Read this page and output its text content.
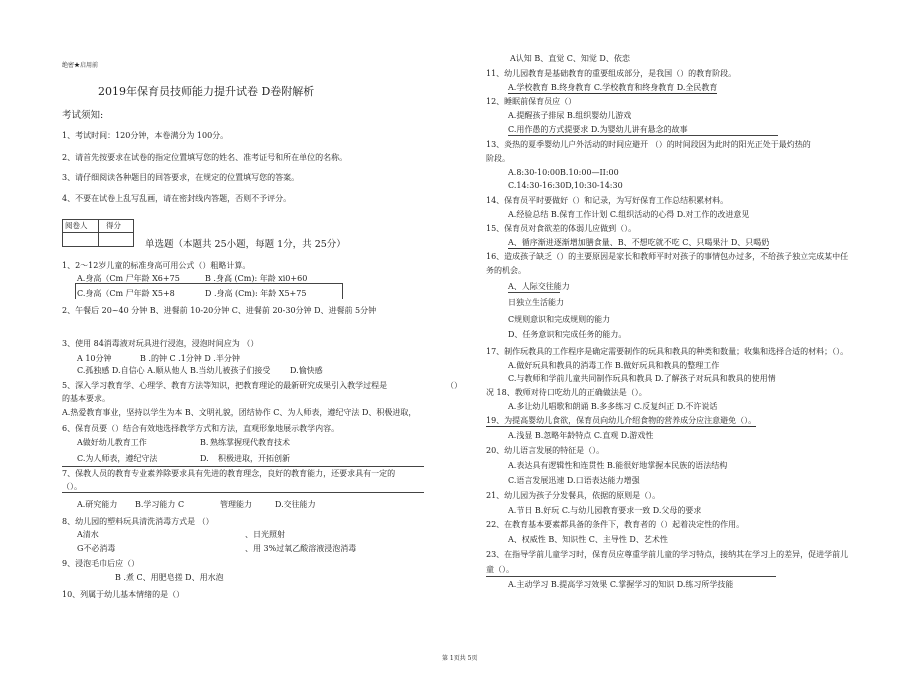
绝密★启用前
2019年保育员技师能力提升试卷 D卷附解析
考试须知:
1、考试时间：120分钟，本卷满分为 100分。
2、请首先按要求在试卷的指定位置填写您的姓名、准考证号和所在单位的名称。
3、请仔细阅读各种题目的回答要求，在规定的位置填写您的答案。
4、不要在试卷上乱写乱画，请在密封线内答题，否则不予评分。
阅卷人 得分
单选题（本题共 25小题，每题 1分，共 25分）
1、2～12岁儿童的标准身高可用公式（）粗略计算。
A.身高（Cm 尸年龄 X6+75	B .身高 (Cm): 年龄 xi0+60
C.身高（Cm 尸年龄 X5+8	D .身高 (Cm): 年龄 X5+75
2、午餐后 20~40 分钟 B、进餐前 10-20分钟 C、进餐前 20-30分钟 D、进餐前 5分钟
3、使用 84消毒液对玩具进行浸泡，浸泡时间应为 （）
A 10分钟	B .的钟 C .1分钟 D .半分钟
C.孤独感 D.自信心 A.顺从他人 B.当幼儿被孩子们接受 D.愉快感
5、深入学习教育学、心理学、教育方法等知识，把教育理论的最新研究成果引入教学过程是	（）
的基本要求。
A.热爱教育事业，坚持以学生为本 B、文明礼貌，团结协作 C、为人师表，遵纪守法 D、积极进取，
6、保育员要（）结合有效地选择教学方式和方法，直观形象地展示教学内容。
A做好幼儿教育工作	B. 熟练掌握现代教育技术
C.为人师表，遵纪守法	D. 积极进取，开拓创新
7、保教人员的教育专业素养除要求具有先进的教育理念，良好的教育能力，还要求具有一定的
（）。
A.研究能力 B.学习能力 C	管理能力	D.交往能力
8、幼儿园的塑料玩具清洗消毒方式是 （）
A清水	、日光照射
G不必消毒	、用 3%过氧乙酸溶液浸泡消毒
9、浸泡毛巾后应（）
B .煮 C、用肥皂搓 D、用水泡
10、列属于幼儿基本情绪的是（）
A认知 B、直觉 C、知觉 D、依恋
11、幼儿园教育是基础教育的重要组成部分，是我国（）的教育阶段。
A.学校教育 B.终身教育 C.学校教育和终身教育 D.全民教育
12、睡眠前保育员应（）
A.提醒孩子排尿 B.组织婴幼儿游戏
C.用作愚的方式提要求 D.为婴幼儿讲有悬念的故事
13、炎热的夏季婴幼儿户外活动的时间应避开 （）的时间段因为此时的阳光正处于最灼热的
阶段。
A.8:30-10:00B.10:00—II:00
C.14:30-16:30D,10:30-14:30
14、保育员平时要做好（）和记录，为写好保育工作总结积累材料。
A.经验总结 B.保育工作计划 C.组织活动的心得 D.对工作的改进意见
15、保育员对食欲差的体弱儿应做到（）。
A、循序渐进逐渐增加膳食量、B、不想吃就不吃 C、只喝果汁 D、只喝奶
16、造成孩子缺乏（）的主要原因是家长和教师平时对孩子的事情包办过多，不给孩子独立完成某中任
务的机会。
A、人际交往能力
日独立生活能力
C规则意识和完成规则的能力
D、任务意识和完成任务的能力。
17、制作玩教具的工作程序是确定需要制作的玩具和教具的种类和数量；收集和选择合适的材料；（）。
A.做好玩具和教具的消毒工作 B.做好玩具和教具的整理工作
C.与教师和学前儿童共同制作玩具和教具 D.了解孩子对玩具和教具的使用情
况 18、教师对待口吃幼儿的正确做法是（）。
A.多让幼儿唱歌和朗诵 B.多多练习 C.反复纠正 D.不许说话
19、为提高婴幼儿食欲，保育员向幼儿介绍食物的营养成分应注意避免（）。
A.浅显 B.忽略年龄特点 C.直观 D.游戏性
20、幼儿语言发展的特征是（）。
A.表达具有逻辑性和连贯性 B.能很好地掌握本民族的语法结构
C.语言发展迅速 D.口语表达能力增强
21、幼儿园为孩子分发餐具，依据的原则是（）。
A.节日 B.好玩 C.与幼儿园教育要求一致 D.父母的要求
22、在教育基本要素都具备的条件下，教育者的（）起着决定性的作用。
A、权威性 B、知识性 C、主导性 D、艺术性
23、在指导学前儿童学习时，保育员应尊重学前儿童的学习特点，接纳其在学习上的差异，促进学前儿
童（）。
A.主动学习 B.提高学习效果 C.掌握学习的知识 D.练习所学技能
第 1页共 5页
